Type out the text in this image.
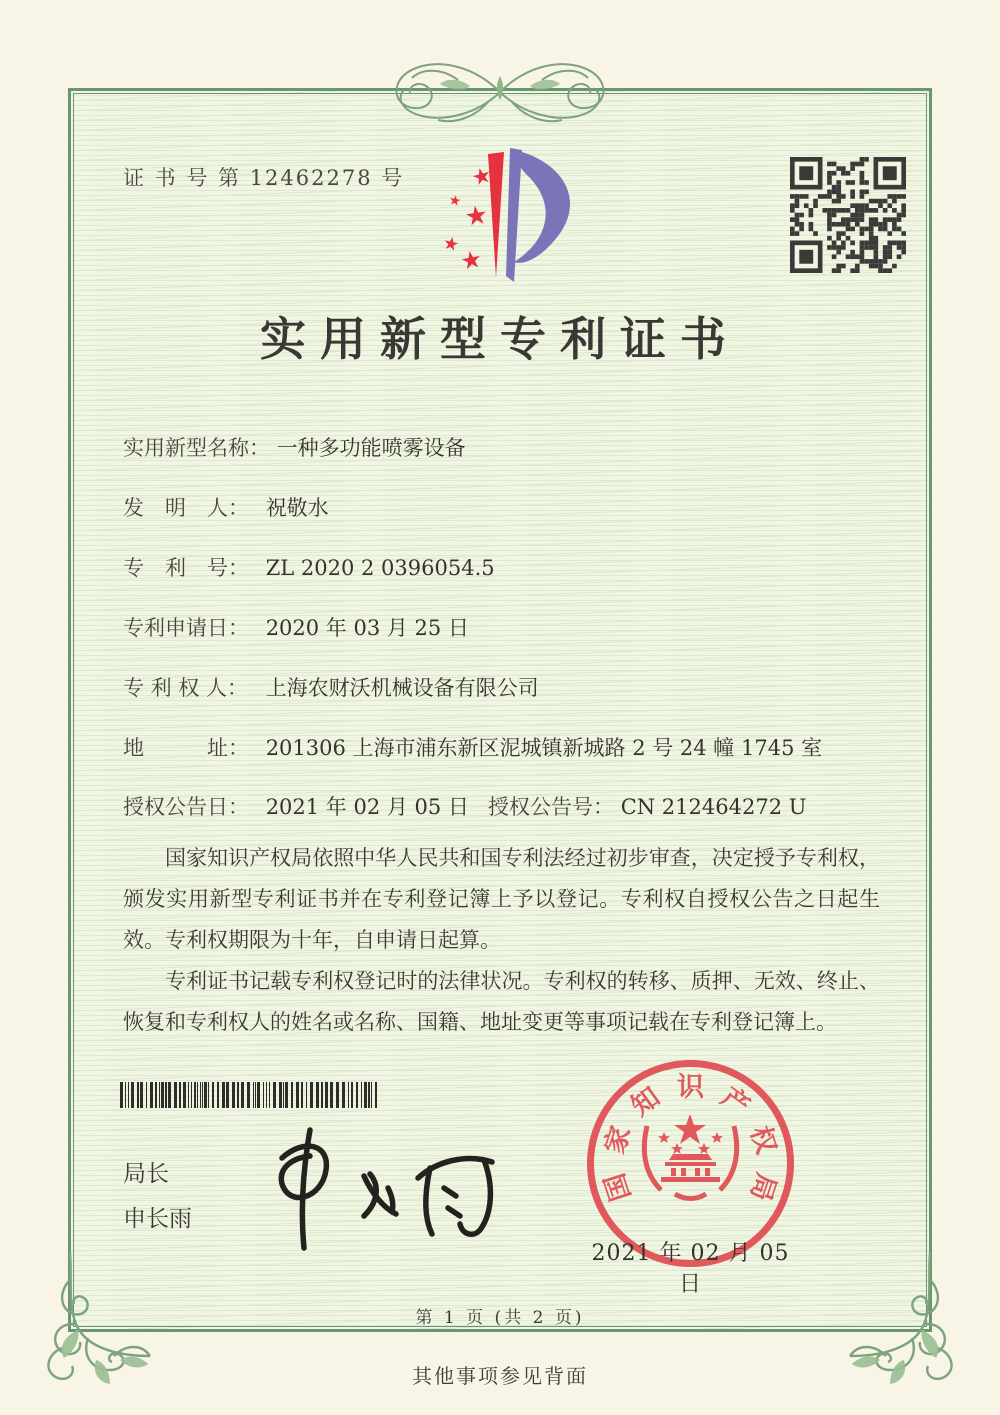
证 书 号 第 12462278 号	★
★ ★
★
★
实用新型专利证书
实用新型名称： 一种多功能喷雾设备
发　明　人： 祝敬水
专　利　号： ZL 2020 2 0396054.5
专利申请日： 2020 年 03 月 25 日
专 利 权 人： 上海农财沃机械设备有限公司
地　　　址： 201306 上海市浦东新区泥城镇新城路 2 号 24 幢 1745 室
授权公告日： 2021 年 02 月 05 日 授权公告号： CN 212464272 U

国家知识产权局依照中华人民共和国专利法经过初步审查，决定授予专利权，颁发实用新型专利证书并在专利登记簿上予以登记。专利权自授权公告之日起生效。专利权期限为十年，自申请日起算。

专利证书记载专利权登记时的法律状况。专利权的转移、质押、无效、终止、恢复和专利权人的姓名或名称、国籍、地址变更等事项记载在专利登记簿上。

局长
申长雨
国
家
知 识 产
权
局
2021 年 02 月 05 日
第 1 页 (共 2 页)
其他事项参见背面
